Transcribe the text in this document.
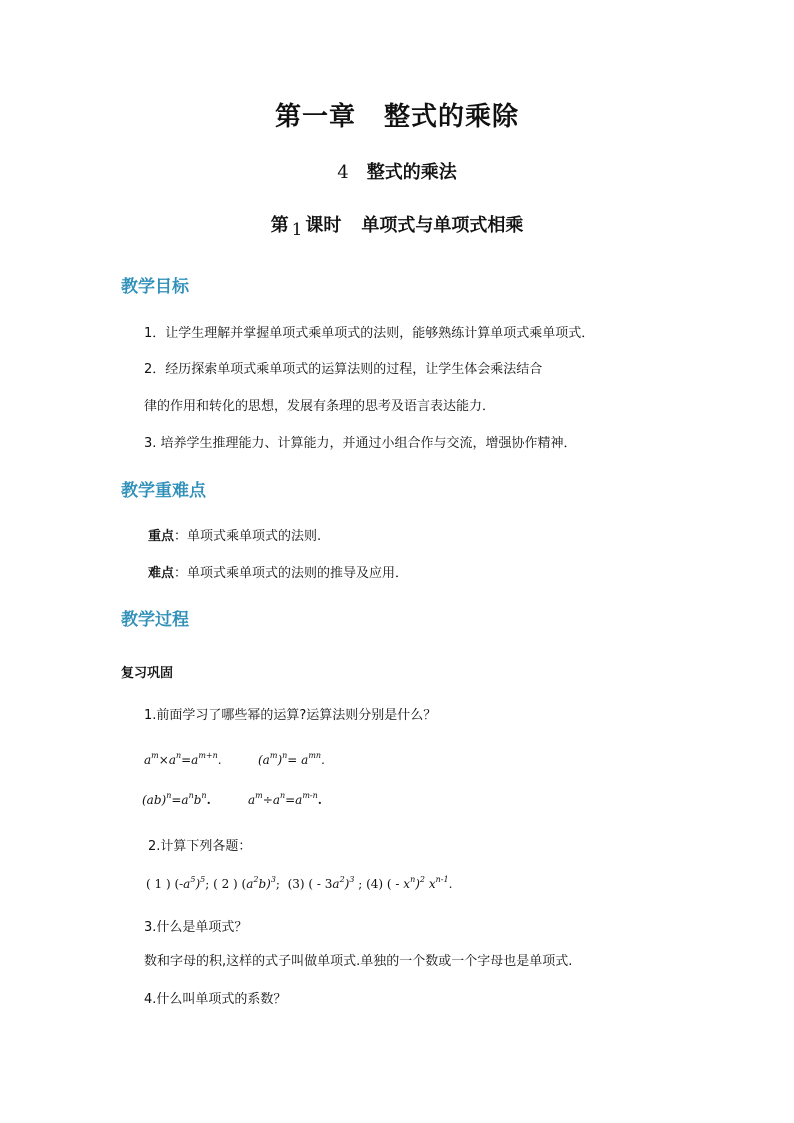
第一章 整式的乘除
4 整式的乘法
第 1 课时 单项式与单项式相乘
教学目标
1．让学生理解并掌握单项式乘单项式的法则，能够熟练计算单项式乘单项式．
2．经历探索单项式乘单项式的运算法则的过程，让学生体会乘法结合
律的作用和转化的思想，发展有条理的思考及语言表达能力．
3. 培养学生推理能力、计算能力，并通过小组合作与交流，增强协作精神．
教学重难点
重点：单项式乘单项式的法则.
难点：单项式乘单项式的法则的推导及应用．
教学过程
复习巩固
1.前面学习了哪些幂的运算?运算法则分别是什么？
$a^m\times a^n=a^{m+n}$.	$(a^m)^n= a^{mn}$.
$(ab)^n=a^nb^n$.	$a^m\div a^n=a^{m-n}$.
2.计算下列各题：
( 1 ) $(-a^5)^5$; ( 2 ) $(a^2b)^3$;  (3) ( - $3a^2)^3$ ; (4) ( - $x^n)^2$ $x^{n-1}$.
3.什么是单项式？
数和字母的积,这样的式子叫做单项式.单独的一个数或一个字母也是单项式.
4.什么叫单项式的系数？
